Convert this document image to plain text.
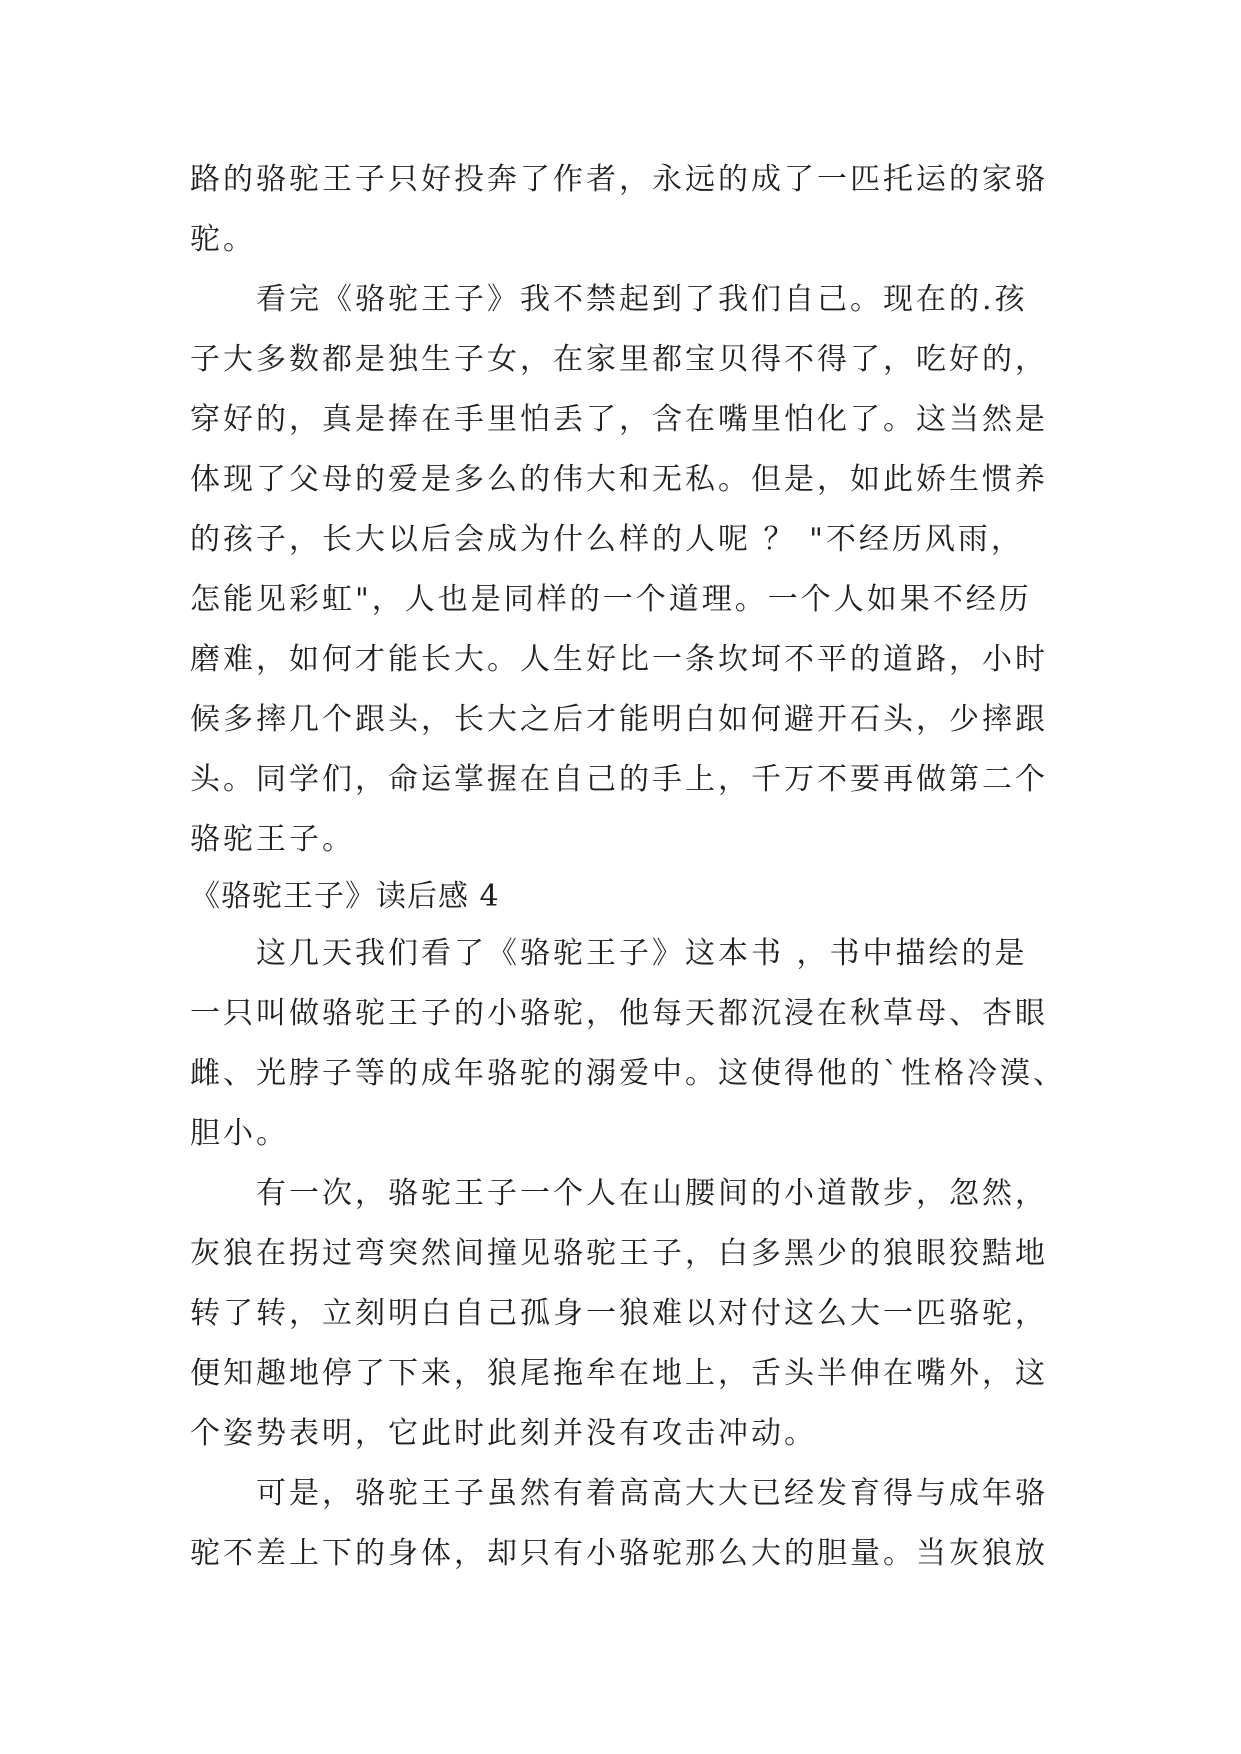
路的骆驼王子只好投奔了作者，永远的成了一匹托运的家骆
驼。
看完《骆驼王子》我不禁起到了我们自己。现在的.孩
子大多数都是独生子女，在家里都宝贝得不得了，吃好的，
穿好的，真是捧在手里怕丢了，含在嘴里怕化了。这当然是
体现了父母的爱是多么的伟大和无私。但是，如此娇生惯养
的孩子，长大以后会成为什么样的人呢 ？ "不经历风雨，
怎能见彩虹"，人也是同样的一个道理。一个人如果不经历
磨难，如何才能长大。人生好比一条坎坷不平的道路，小时
候多摔几个跟头，长大之后才能明白如何避开石头，少摔跟
头。同学们，命运掌握在自己的手上，千万不要再做第二个
骆驼王子。
《骆驼王子》读后感 4
这几天我们看了《骆驼王子》这本书 ，书中描绘的是
一只叫做骆驼王子的小骆驼，他每天都沉浸在秋草母、杏眼
雌、光脖子等的成年骆驼的溺爱中。这使得他的`性格冷漠、
胆小。
有一次，骆驼王子一个人在山腰间的小道散步，忽然，
灰狼在拐过弯突然间撞见骆驼王子，白多黑少的狼眼狡黠地
转了转，立刻明白自己孤身一狼难以对付这么大一匹骆驼，
便知趣地停了下来，狼尾拖牟在地上，舌头半伸在嘴外，这
个姿势表明，它此时此刻并没有攻击冲动。
可是，骆驼王子虽然有着高高大大已经发育得与成年骆
驼不差上下的身体，却只有小骆驼那么大的胆量。当灰狼放
